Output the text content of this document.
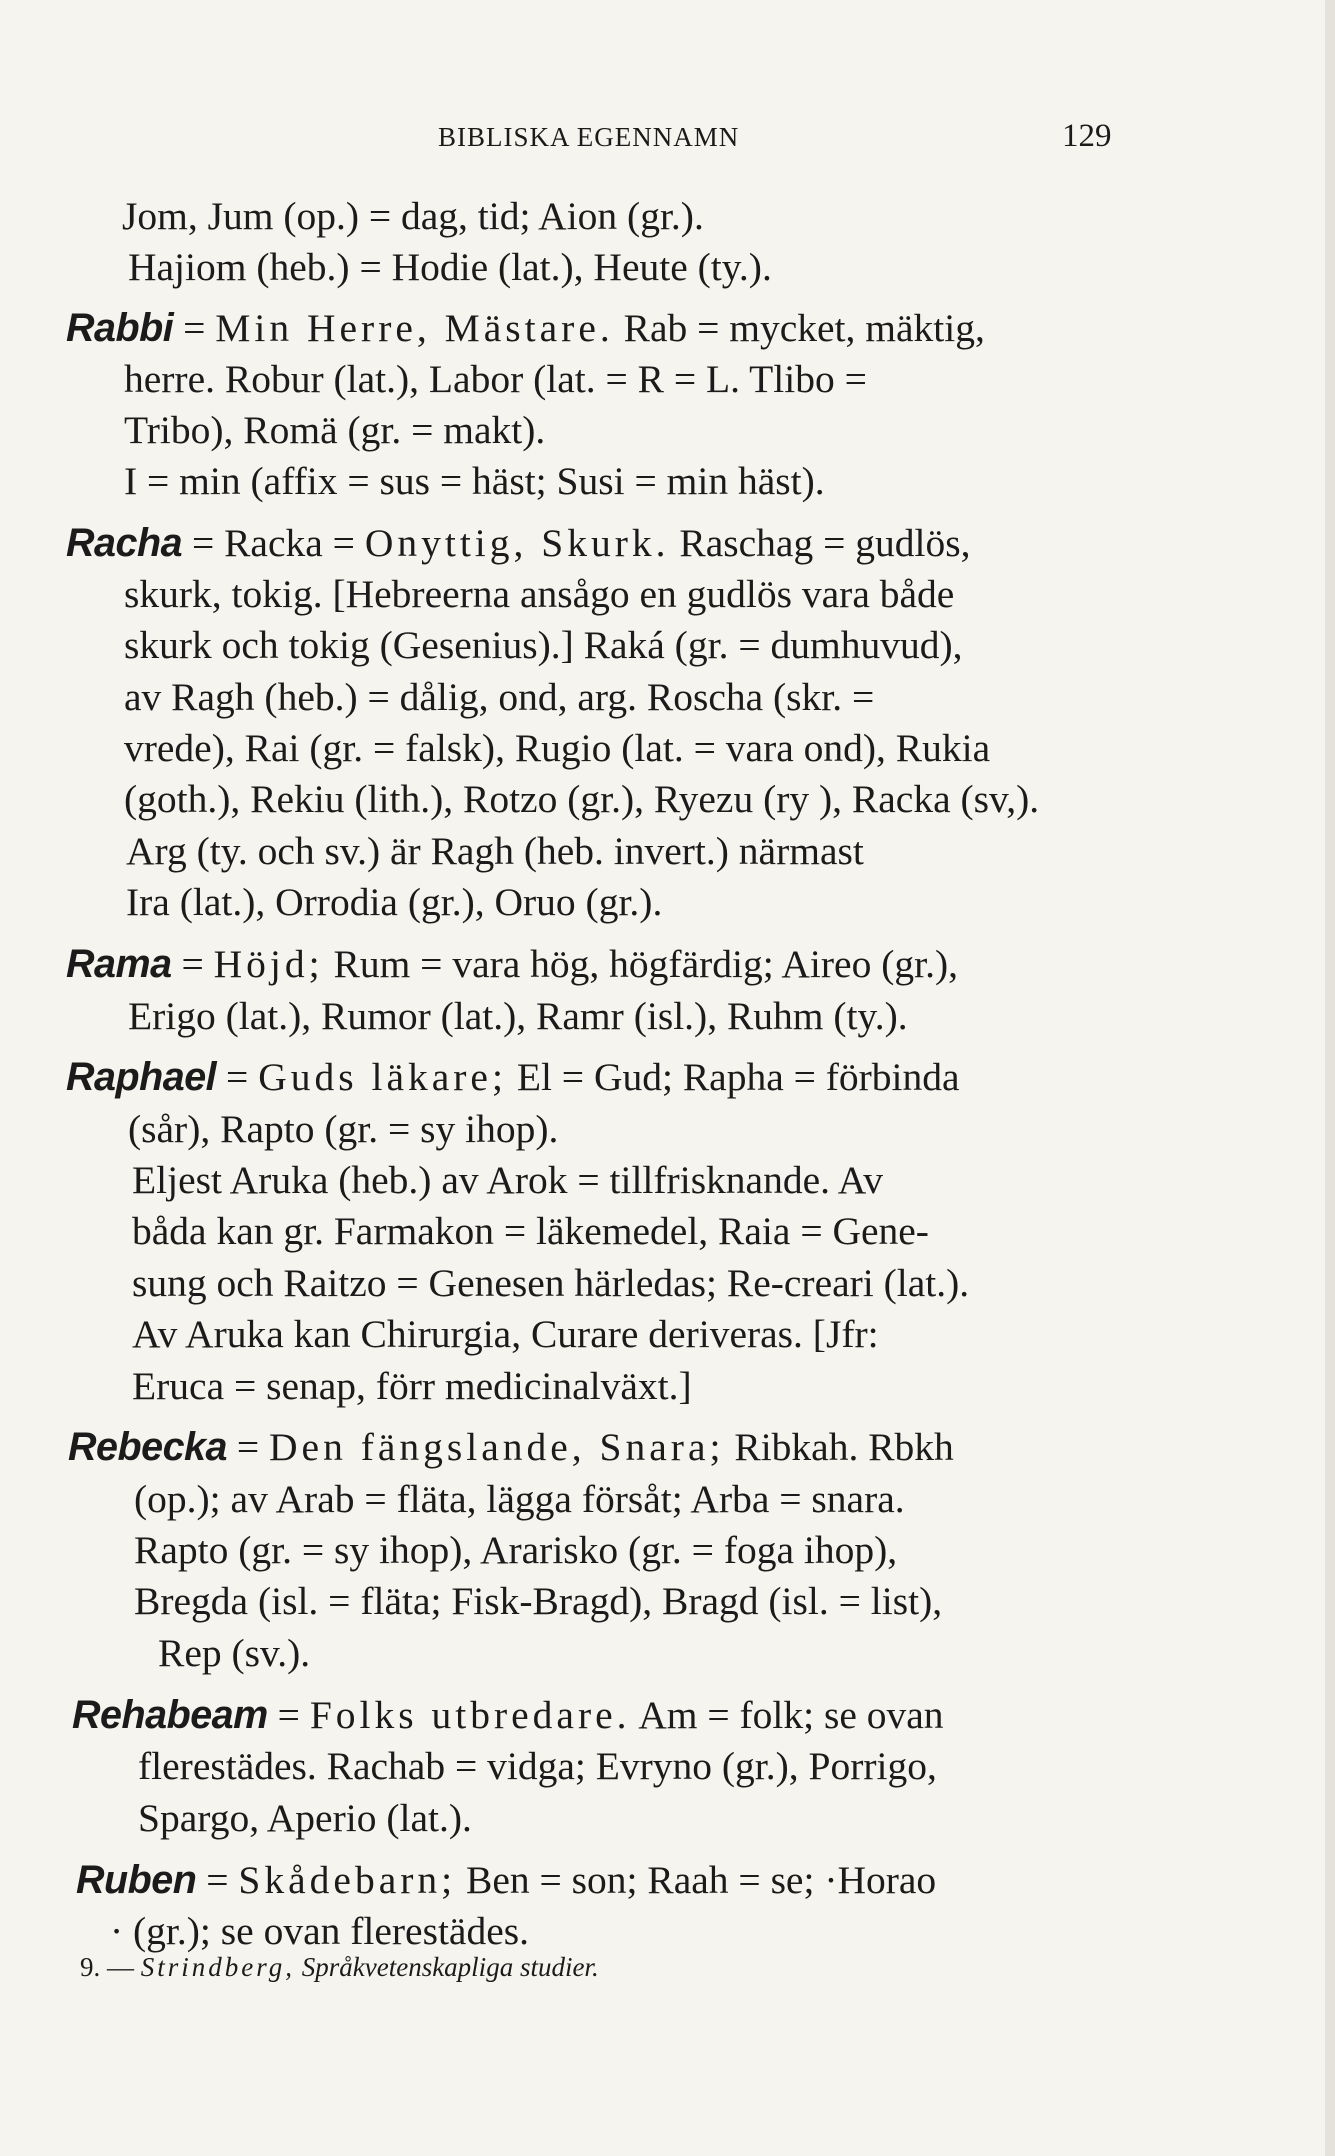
BIBLISKA EGENNAMN	129
Jom, Jum (op.) = dag, tid; Aion (gr.).
Hajiom (heb.) = Hodie (lat.), Heute (ty.).
Rabbi = Min Herre, Mästare. Rab = mycket, mäktig,
herre. Robur (lat.), Labor (lat. = R = L. Tlibo =
Tribo), Romä (gr. = makt).
I = min (affix = sus = häst; Susi = min häst).
Racha = Racka = Onyttig, Skurk. Raschag = gudlös,
skurk, tokig. [Hebreerna ansågo en gudlös vara både
skurk och tokig (Gesenius).] Raká (gr. = dumhuvud),
av Ragh (heb.) = dålig, ond, arg. Roscha (skr. =
vrede), Rai (gr. = falsk), Rugio (lat. = vara ond), Rukia
(goth.), Rekiu (lith.), Rotzo (gr.), Ryezu (ry ), Racka (sv,).
Arg (ty. och sv.) är Ragh (heb. invert.) närmast
Ira (lat.), Orrodia (gr.), Oruo (gr.).
Rama = Höjd; Rum = vara hög, högfärdig; Aireo (gr.),
Erigo (lat.), Rumor (lat.), Ramr (isl.), Ruhm (ty.).
Raphael = Guds läkare; El = Gud; Rapha = förbinda
(sår), Rapto (gr. = sy ihop).
Eljest Aruka (heb.) av Arok = tillfrisknande. Av
båda kan gr. Farmakon = läkemedel, Raia = Gene-
sung och Raitzo = Genesen härledas; Re-creari (lat.).
Av Aruka kan Chirurgia, Curare deriveras. [Jfr:
Eruca = senap, förr medicinalväxt.]
Rebecka = Den fängslande, Snara; Ribkah. Rbkh
(op.); av Arab = fläta, lägga försåt; Arba = snara.
Rapto (gr. = sy ihop), Ararisko (gr. = foga ihop),
Bregda (isl. = fläta; Fisk-Bragd), Bragd (isl. = list),
Rep (sv.).
Rehabeam = Folks utbredare. Am = folk; se ovan
flerestädes. Rachab = vidga; Evryno (gr.), Porrigo,
Spargo, Aperio (lat.).
Ruben = Skådebarn; Ben = son; Raah = se; ·Horao
· (gr.); se ovan flerestädes.
9. — Strindberg, Språkvetenskapliga studier.
